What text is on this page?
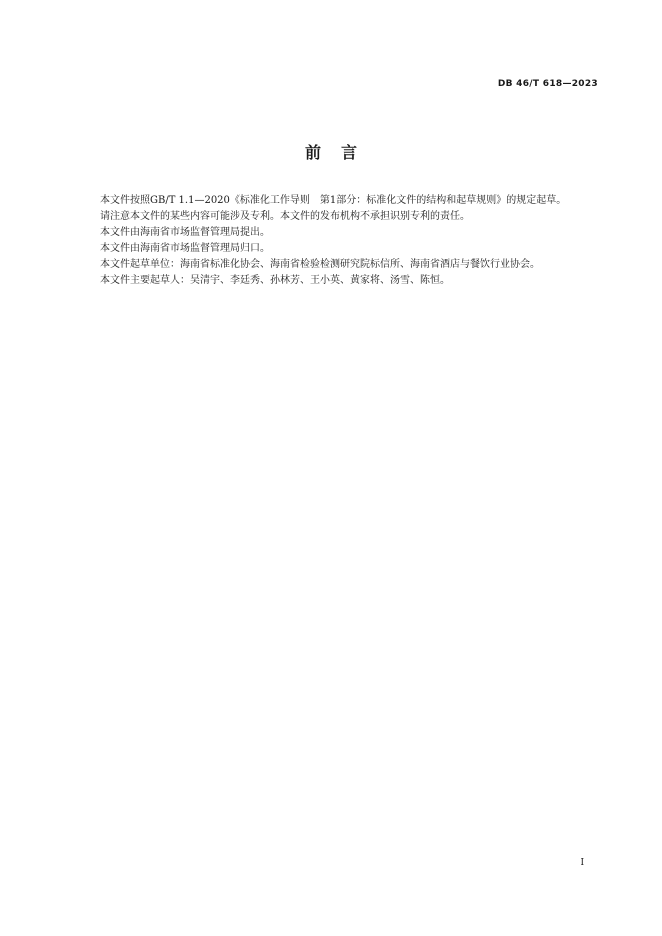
DB 46/T 618—2023
前言

本文件按照GB/T 1.1—2020《标准化工作导则　第1部分：标准化文件的结构和起草规则》的规定起草。

请注意本文件的某些内容可能涉及专利。本文件的发布机构不承担识别专利的责任。

本文件由海南省市场监督管理局提出。

本文件由海南省市场监督管理局归口。

本文件起草单位：海南省标准化协会、海南省检验检测研究院标信所、海南省酒店与餐饮行业协会。

本文件主要起草人：吴清宇、李廷秀、孙林芳、王小英、黄家将、汤雪、陈恒。

I
